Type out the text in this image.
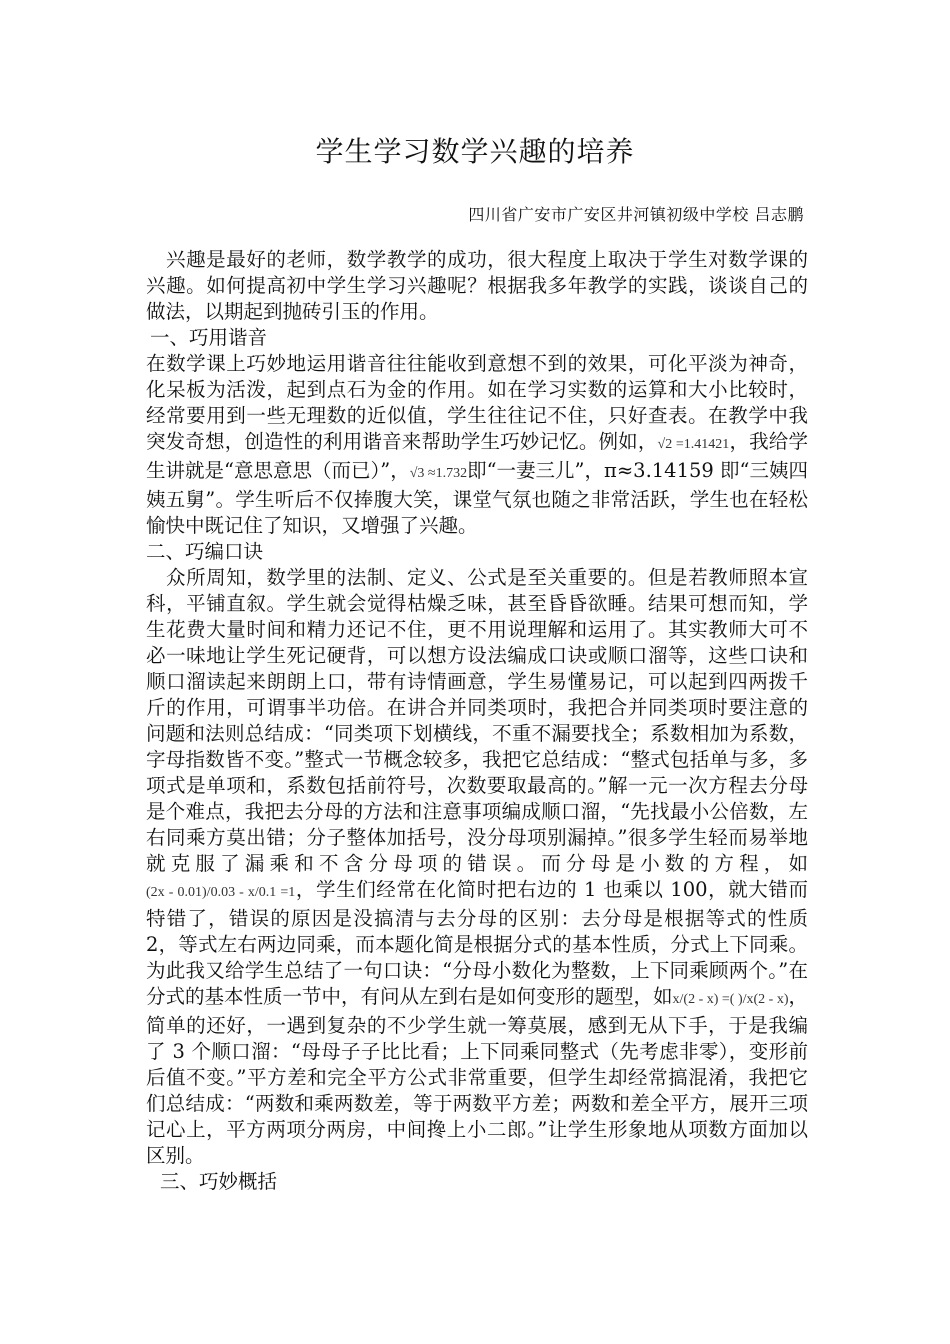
学生学习数学兴趣的培养
四川省广安市广安区井河镇初级中学校 吕志鹏

兴趣是最好的老师，数学教学的成功，很大程度上取决于学生对数学课的兴趣。如何提高初中学生学习兴趣呢？根据我多年教学的实践，谈谈自己的做法，以期起到抛砖引玉的作用。

一、巧用谐音

在数学课上巧妙地运用谐音往往能收到意想不到的效果，可化平淡为神奇，化呆板为活泼，起到点石为金的作用。如在学习实数的运算和大小比较时，经常要用到一些无理数的近似值，学生往往记不住，只好查表。在教学中我突发奇想，创造性的利用谐音来帮助学生巧妙记忆。例如，√2 =1.41421，我给学生讲就是“意思意思（而已）”，√3 ≈1.732即“一妻三儿”，π≈3.14159 即“三姨四姨五舅”。学生听后不仅捧腹大笑，课堂气氛也随之非常活跃，学生也在轻松愉快中既记住了知识，又增强了兴趣。

二、巧编口诀

众所周知，数学里的法制、定义、公式是至关重要的。但是若教师照本宣科，平铺直叙。学生就会觉得枯燥乏味，甚至昏昏欲睡。结果可想而知，学生花费大量时间和精力还记不住，更不用说理解和运用了。其实教师大可不必一味地让学生死记硬背，可以想方设法编成口诀或顺口溜等，这些口诀和顺口溜读起来朗朗上口，带有诗情画意，学生易懂易记，可以起到四两拨千斤的作用，可谓事半功倍。在讲合并同类项时，我把合并同类项时要注意的问题和法则总结成：“同类项下划横线，不重不漏要找全；系数相加为系数，字母指数皆不变。”整式一节概念较多，我把它总结成：“整式包括单与多，多项式是单项和，系数包括前符号，次数要取最高的。”解一元一次方程去分母是个难点，我把去分母的方法和注意事项编成顺口溜，“先找最小公倍数，左右同乘方莫出错；分子整体加括号，没分母项别漏掉。”很多学生轻而易举地就克服了漏乘和不含分母项的错误。而分母是小数的方程，如(2x - 0.01)/0.03 - x/0.1 =1，学生们经常在化简时把右边的 1 也乘以 100，就大错而特错了，错误的原因是没搞清与去分母的区别：去分母是根据等式的性质 2，等式左右两边同乘，而本题化简是根据分式的基本性质，分式上下同乘。为此我又给学生总结了一句口诀：“分母小数化为整数，上下同乘顾两个。”在分式的基本性质一节中，有问从左到右是如何变形的题型，如x/(2 - x) =( )/x(2 - x)，简单的还好，一遇到复杂的不少学生就一筹莫展，感到无从下手，于是我编了 3 个顺口溜：“母母子子比比看；上下同乘同整式（先考虑非零），变形前后值不变。”平方差和完全平方公式非常重要，但学生却经常搞混淆，我把它们总结成：“两数和乘两数差，等于两数平方差；两数和差全平方，展开三项记心上，平方两项分两房，中间搀上小二郎。”让学生形象地从项数方面加以区别。

三、巧妙概括
